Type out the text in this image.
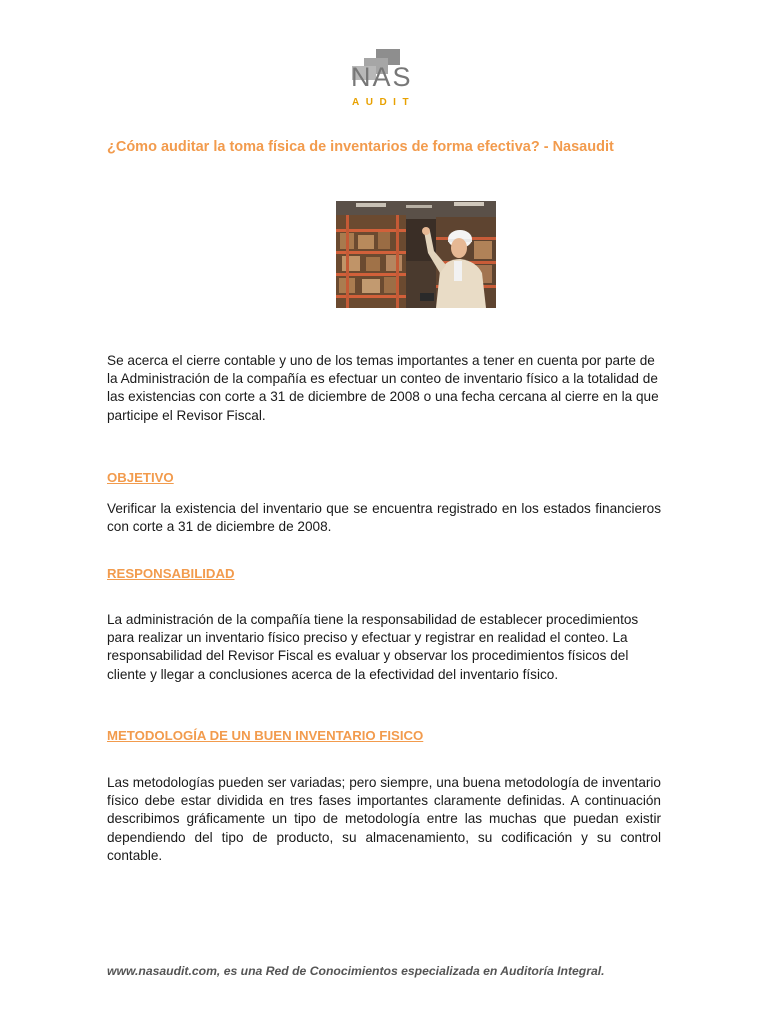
NAS
AUDIT
¿Cómo auditar la toma física de inventarios de forma efectiva? - Nasaudit

Se acerca el cierre contable y uno de los temas importantes a tener en cuenta por parte de la Administración de la compañía es efectuar un conteo de inventario físico a la totalidad de las existencias con corte a 31 de diciembre de 2008 o una fecha cercana al cierre en la que participe el Revisor Fiscal.

OBJETIVO

Verificar la existencia del inventario que se encuentra registrado en los estados financieros con corte a 31 de diciembre de 2008.

RESPONSABILIDAD

La administración de la compañía tiene la responsabilidad de establecer procedimientos para realizar un inventario físico preciso y efectuar y registrar en realidad el conteo. La responsabilidad del Revisor Fiscal es evaluar y observar los procedimientos físicos del cliente y llegar a conclusiones acerca de la efectividad del inventario físico.

METODOLOGÍA DE UN BUEN INVENTARIO FISICO

Las metodologías pueden ser variadas; pero siempre, una buena metodología de inventario físico debe estar dividida en tres fases importantes claramente definidas. A continuación describimos gráficamente un tipo de metodología entre las muchas que puedan existir dependiendo del tipo de producto, su almacenamiento, su codificación y su control contable.

www.nasaudit.com, es una Red de Conocimientos especializada en Auditoría Integral.
